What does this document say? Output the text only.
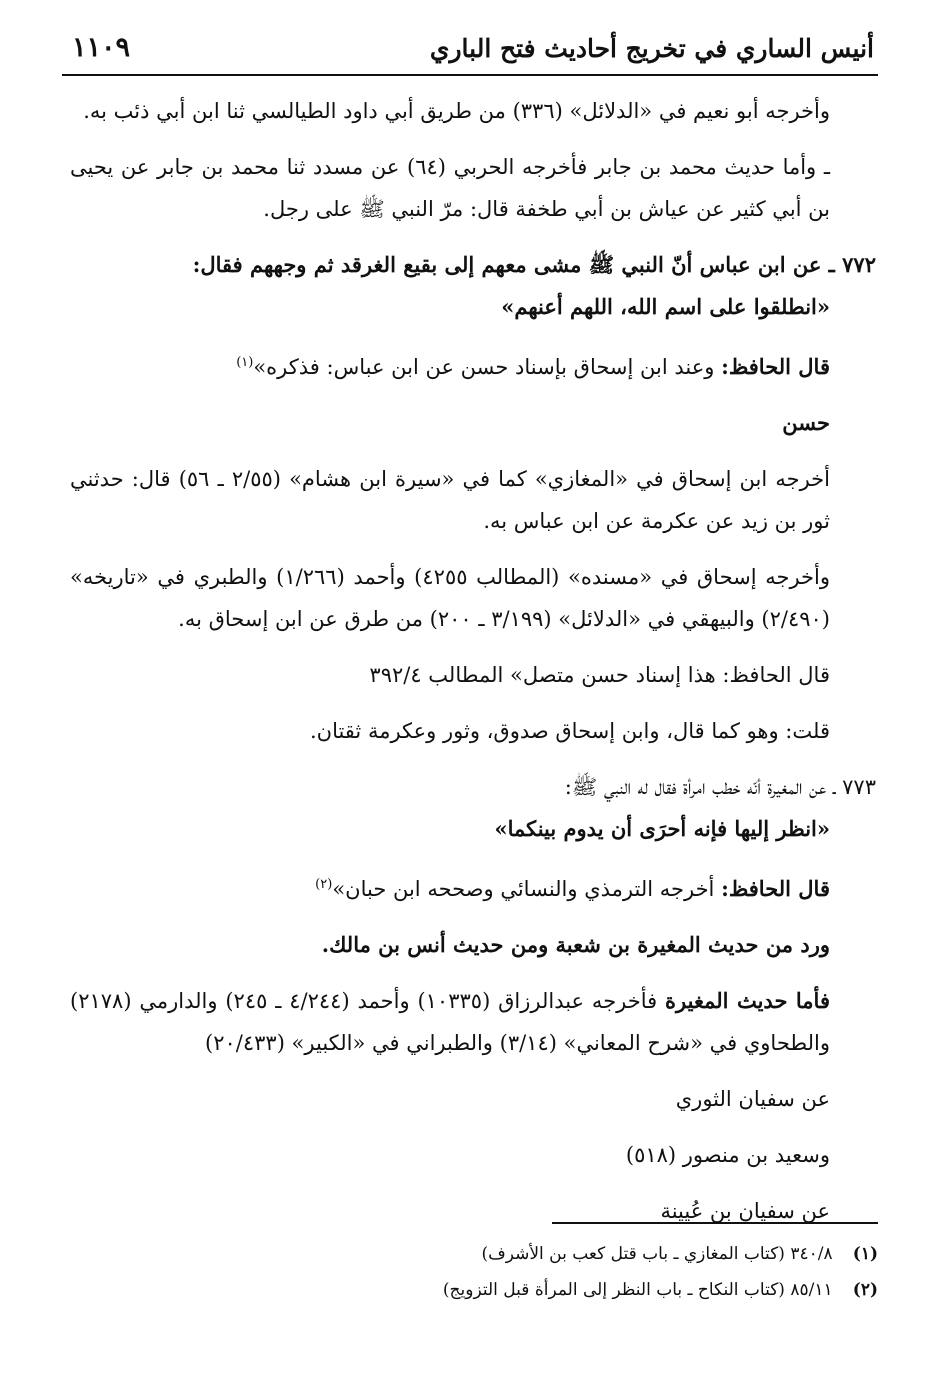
أنيس الساري في تخريج أحاديث فتح الباري
١١٠٩

وأخرجه أبو نعيم في «الدلائل» (٣٣٦) من طريق أبي داود الطيالسي ثنا ابن أبي ذئب به.

ـ وأما حديث محمد بن جابر فأخرجه الحربي (٦٤) عن مسدد ثنا محمد بن جابر عن يحيى بن أبي كثير عن عياش بن أبي طخفة قال: مرّ النبي ﷺ على رجل.

٧٧٢ ـ عن ابن عباس أنّ النبي ﷺ مشى معهم إلى بقيع الغرقد ثم وجههم فقال:

«انطلقوا على اسم الله، اللهم أعنهم»

قال الحافظ: وعند ابن إسحاق بإسناد حسن عن ابن عباس: فذكره»$^{(١)}$

حسن

أخرجه ابن إسحاق في «المغازي» كما في «سيرة ابن هشام» (٢/٥٥ ـ ٥٦) قال: حدثني ثور بن زيد عن عكرمة عن ابن عباس به.

وأخرجه إسحاق في «مسنده» (المطالب ٤٢٥٥) وأحمد (١/٢٦٦) والطبري في «تاريخه» (٢/٤٩٠) والبيهقي في «الدلائل» (٣/١٩٩ ـ ٢٠٠) من طرق عن ابن إسحاق به.

قال الحافظ: هذا إسناد حسن متصل» المطالب ٣٩٢/٤

قلت: وهو كما قال، وابن إسحاق صدوق، وثور وعكرمة ثقتان.

٧٧٣ ـ عن المغيرة أنّه خطب امرأة فقال له النبي ﷺ:

«انظر إليها فإنه أحرَى أن يدوم بينكما»

قال الحافظ: أخرجه الترمذي والنسائي وصححه ابن حبان»$^{(٢)}$

ورد من حديث المغيرة بن شعبة ومن حديث أنس بن مالك.

فأما حديث المغيرة فأخرجه عبدالرزاق (١٠٣٣٥) وأحمد (٤/٢٤٤ ـ ٢٤٥) والدارمي (٢١٧٨) والطحاوي في «شرح المعاني» (٣/١٤) والطبراني في «الكبير» (٢٠/٤٣٣)

عن سفيان الثوري

وسعيد بن منصور (٥١٨)

عن سفيان بن عُيينة

(١) ٣٤٠/٨ (كتاب المغازي ـ باب قتل كعب بن الأشرف)
(٢) ٨٥/١١ (كتاب النكاح ـ باب النظر إلى المرأة قبل التزويج)
